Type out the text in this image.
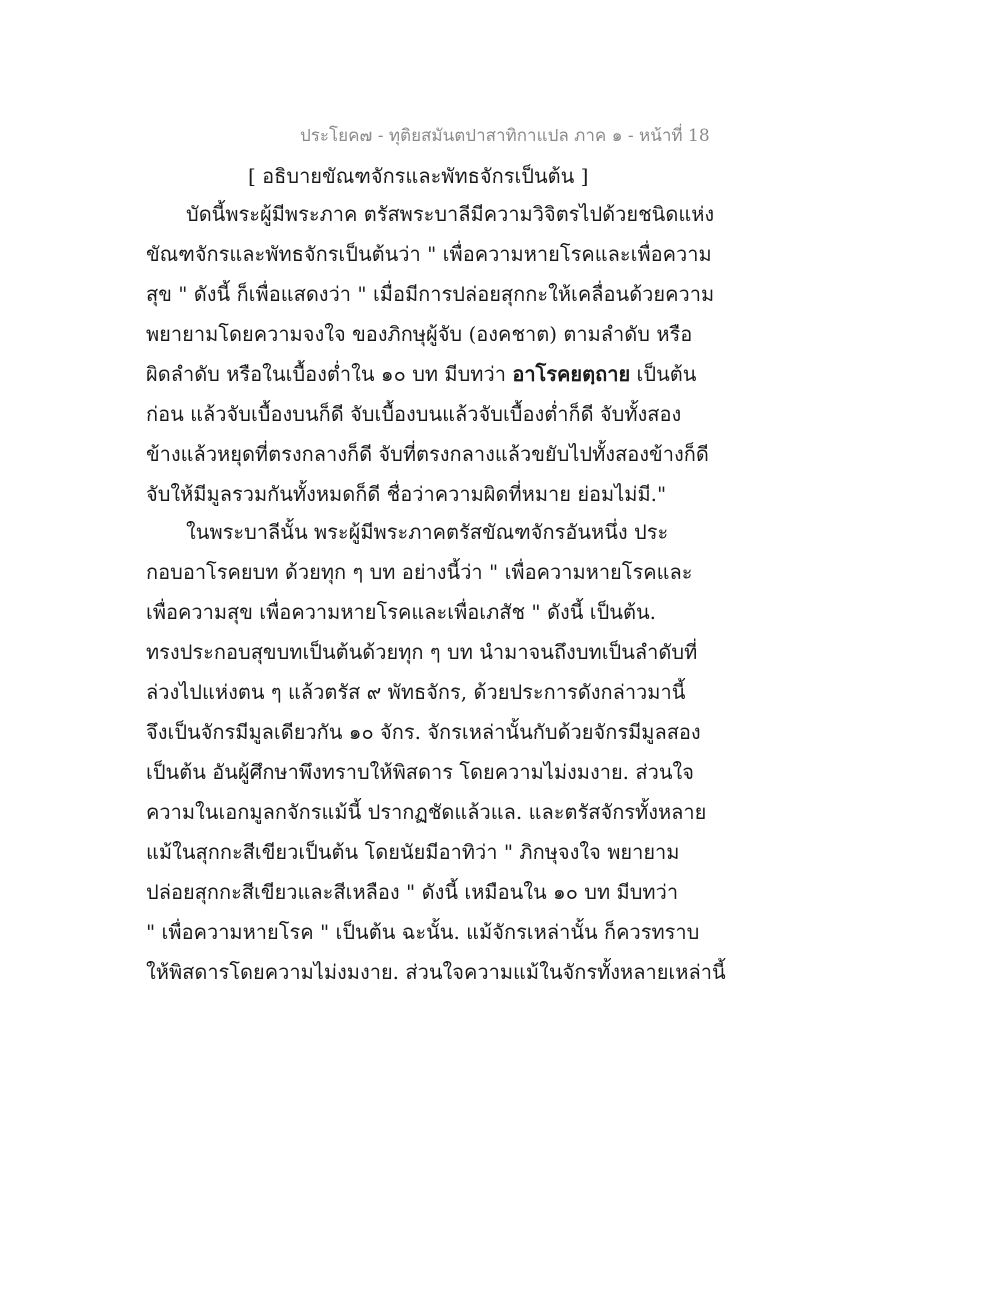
ประโยค๗ - ทุติยสมันตปาสาทิกาแปล ภาค ๑ - หน้าที่ 18
[ อธิบายขัณฑจักรและพัทธจักรเป็นต้น ]
บัดนี้พระผู้มีพระภาค ตรัสพระบาลีมีความวิจิตรไปด้วยชนิดแห่ง
ขัณฑจักรและพัทธจักรเป็นต้นว่า " เพื่อความหายโรคและเพื่อความ
สุข " ดังนี้ ก็เพื่อแสดงว่า " เมื่อมีการปล่อยสุกกะให้เคลื่อนด้วยความ
พยายามโดยความจงใจ ของภิกษุผู้จับ (องคชาต) ตามลำดับ หรือ
ผิดลำดับ หรือในเบื้องต่ำใน ๑๐ บท มีบทว่า อาโรคยตฺถาย เป็นต้น
ก่อน แล้วจับเบื้องบนก็ดี จับเบื้องบนแล้วจับเบื้องต่ำก็ดี จับทั้งสอง
ข้างแล้วหยุดที่ตรงกลางก็ดี จับที่ตรงกลางแล้วขยับไปทั้งสองข้างก็ดี
จับให้มีมูลรวมกันทั้งหมดก็ดี ชื่อว่าความผิดที่หมาย ย่อมไม่มี."
ในพระบาลีนั้น พระผู้มีพระภาคตรัสขัณฑจักรอันหนึ่ง ประ
กอบอาโรคยบท ด้วยทุก ๆ บท อย่างนี้ว่า " เพื่อความหายโรคและ
เพื่อความสุข เพื่อความหายโรคและเพื่อเภสัช " ดังนี้ เป็นต้น.
ทรงประกอบสุขบทเป็นต้นด้วยทุก ๆ บท นำมาจนถึงบทเป็นลำดับที่
ล่วงไปแห่งตน ๆ แล้วตรัส ๙ พัทธจักร, ด้วยประการดังกล่าวมานี้
จึงเป็นจักรมีมูลเดียวกัน ๑๐ จักร. จักรเหล่านั้นกับด้วยจักรมีมูลสอง
เป็นต้น อันผู้ศึกษาพึงทราบให้พิสดาร โดยความไม่งมงาย. ส่วนใจ
ความในเอกมูลกจักรแม้นี้ ปรากฏชัดแล้วแล. และตรัสจักรทั้งหลาย
แม้ในสุกกะสีเขียวเป็นต้น โดยนัยมีอาทิว่า " ภิกษุจงใจ พยายาม
ปล่อยสุกกะสีเขียวและสีเหลือง " ดังนี้ เหมือนใน ๑๐ บท มีบทว่า
" เพื่อความหายโรค " เป็นต้น ฉะนั้น. แม้จักรเหล่านั้น ก็ควรทราบ
ให้พิสดารโดยความไม่งมงาย. ส่วนใจความแม้ในจักรทั้งหลายเหล่านี้
